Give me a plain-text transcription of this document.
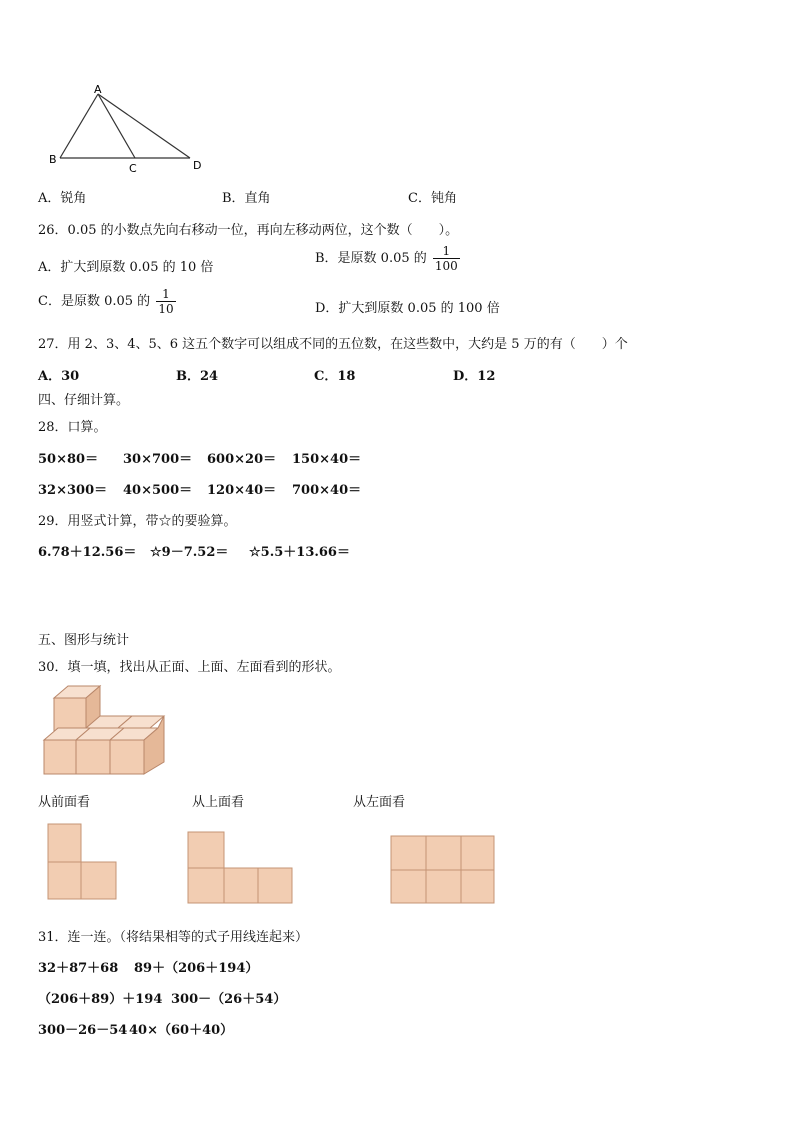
A
B
C	D
A．锐角	B．直角	C．钝角
26．0.05 的小数点先向右移动一位，再向左移动两位，这个数（　　）。
A．扩大到原数 0.05 的 10 倍
B．是原数 0.05 的 $\frac{1}{100}$
C．是原数 0.05 的 $\frac{1}{10}$	D．扩大到原数 0.05 的 100 倍
27．用 2、3、4、5、6 这五个数字可以组成不同的五位数，在这些数中，大约是 5 万的有（　　）个
A．30	B．24	C．18	D．12
四、仔细计算。
28．口算。
50×80＝ 30×700＝ 600×20＝ 150×40＝
32×300＝ 40×500＝ 120×40＝ 700×40＝
29．用竖式计算，带☆的要验算。
6.78＋12.56＝ ☆9－7.52＝ ☆5.5＋13.66＝
五、图形与统计
30．填一填，找出从正面、上面、左面看到的形状。
从前面看	从上面看	从左面看
31．连一连。（将结果相等的式子用线连起来）
32＋87＋68 89＋（206＋194）
（206＋89）＋194 300－（26＋54）
300－26－54 40×（60＋40）
